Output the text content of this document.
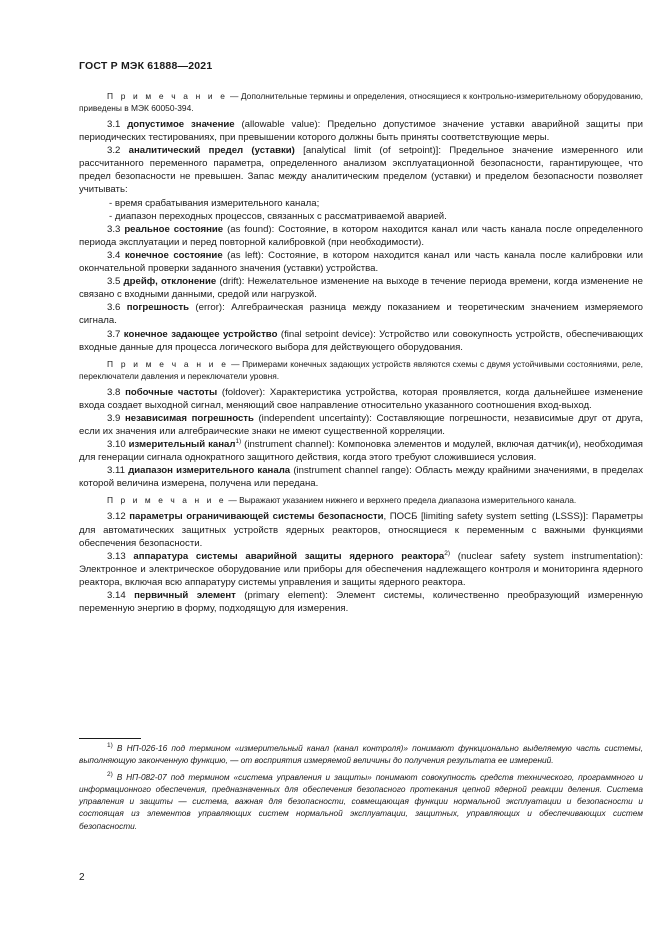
ГОСТ Р МЭК 61888—2021

П р и м е ч а н и е — Дополнительные термины и определения, относящиеся к контрольно-измерительному оборудованию, приведены в МЭК 60050-394.

3.1 допустимое значение (allowable value): Предельно допустимое значение уставки аварийной защиты при периодических тестированиях, при превышении которого должны быть приняты соответствующие меры.

3.2 аналитический предел (уставки) [analytical limit (of setpoint)]: Предельное значение измеренного или рассчитанного переменного параметра, определенного анализом эксплуатационной безопасности, гарантирующее, что предел безопасности не превышен. Запас между аналитическим пределом (уставки) и пределом безопасности позволяет учитывать:

- время срабатывания измерительного канала;
- диапазон переходных процессов, связанных с рассматриваемой аварией.

3.3 реальное состояние (as found): Состояние, в котором находится канал или часть канала после определенного периода эксплуатации и перед повторной калибровкой (при необходимости).

3.4 конечное состояние (as left): Состояние, в котором находится канал или часть канала после калибровки или окончательной проверки заданного значения (уставки) устройства.

3.5 дрейф, отклонение (drift): Нежелательное изменение на выходе в течение периода времени, когда изменение не связано с входными данными, средой или нагрузкой.

3.6 погрешность (error): Алгебраическая разница между показанием и теоретическим значением измеряемого сигнала.

3.7 конечное задающее устройство (final setpoint device): Устройство или совокупность устройств, обеспечивающих входные данные для процесса логического выбора для действующего оборудования.

П р и м е ч а н и е — Примерами конечных задающих устройств являются схемы с двумя устойчивыми состояниями, реле, переключатели давления и переключатели уровня.

3.8 побочные частоты (foldover): Характеристика устройства, которая проявляется, когда дальнейшее изменение входа создает выходной сигнал, меняющий свое направление относительно указанного соотношения вход-выход.

3.9 независимая погрешность (independent uncertainty): Составляющие погрешности, независимые друг от друга, если их значения или алгебраические знаки не имеют существенной корреляции.

3.10 измерительный канал$^{1)}$ (instrument channel): Компоновка элементов и модулей, включая датчик(и), необходимая для генерации сигнала однократного защитного действия, когда этого требуют сложившиеся условия.

3.11 диапазон измерительного канала (instrument channel range): Область между крайними значениями, в пределах которой величина измерена, получена или передана.

П р и м е ч а н и е — Выражают указанием нижнего и верхнего предела диапазона измерительного канала.

3.12 параметры ограничивающей системы безопасности, ПОСБ [limiting safety system setting (LSSS)]: Параметры для автоматических защитных устройств ядерных реакторов, относящиеся к переменным с важными функциями обеспечения безопасности.

3.13 аппаратура системы аварийной защиты ядерного реактора$^{2)}$ (nuclear safety system instrumentation): Электронное и электрическое оборудование или приборы для обеспечения надлежащего контроля и мониторинга ядерного реактора, включая всю аппаратуру системы управления и защиты ядерного реактора.

3.14 первичный элемент (primary element): Элемент системы, количественно преобразующий измеренную переменную энергию в форму, подходящую для измерения.

$^{1)}$ В НП-026-16 под термином «измерительный канал (канал контроля)» понимают функционально выделяемую часть системы, выполняющую законченную функцию, — от восприятия измеряемой величины до получения результата ее измерений.

$^{2)}$ В НП-082-07 под термином «система управления и защиты» понимают совокупность средств технического, программного и информационного обеспечения, предназначенных для обеспечения безопасного протекания цепной ядерной реакции деления. Система управления и защиты — система, важная для безопасности, совмещающая функции нормальной эксплуатации и безопасности и состоящая из элементов управляющих систем нормальной эксплуатации, защитных, управляющих и обеспечивающих систем безопасности.

2
